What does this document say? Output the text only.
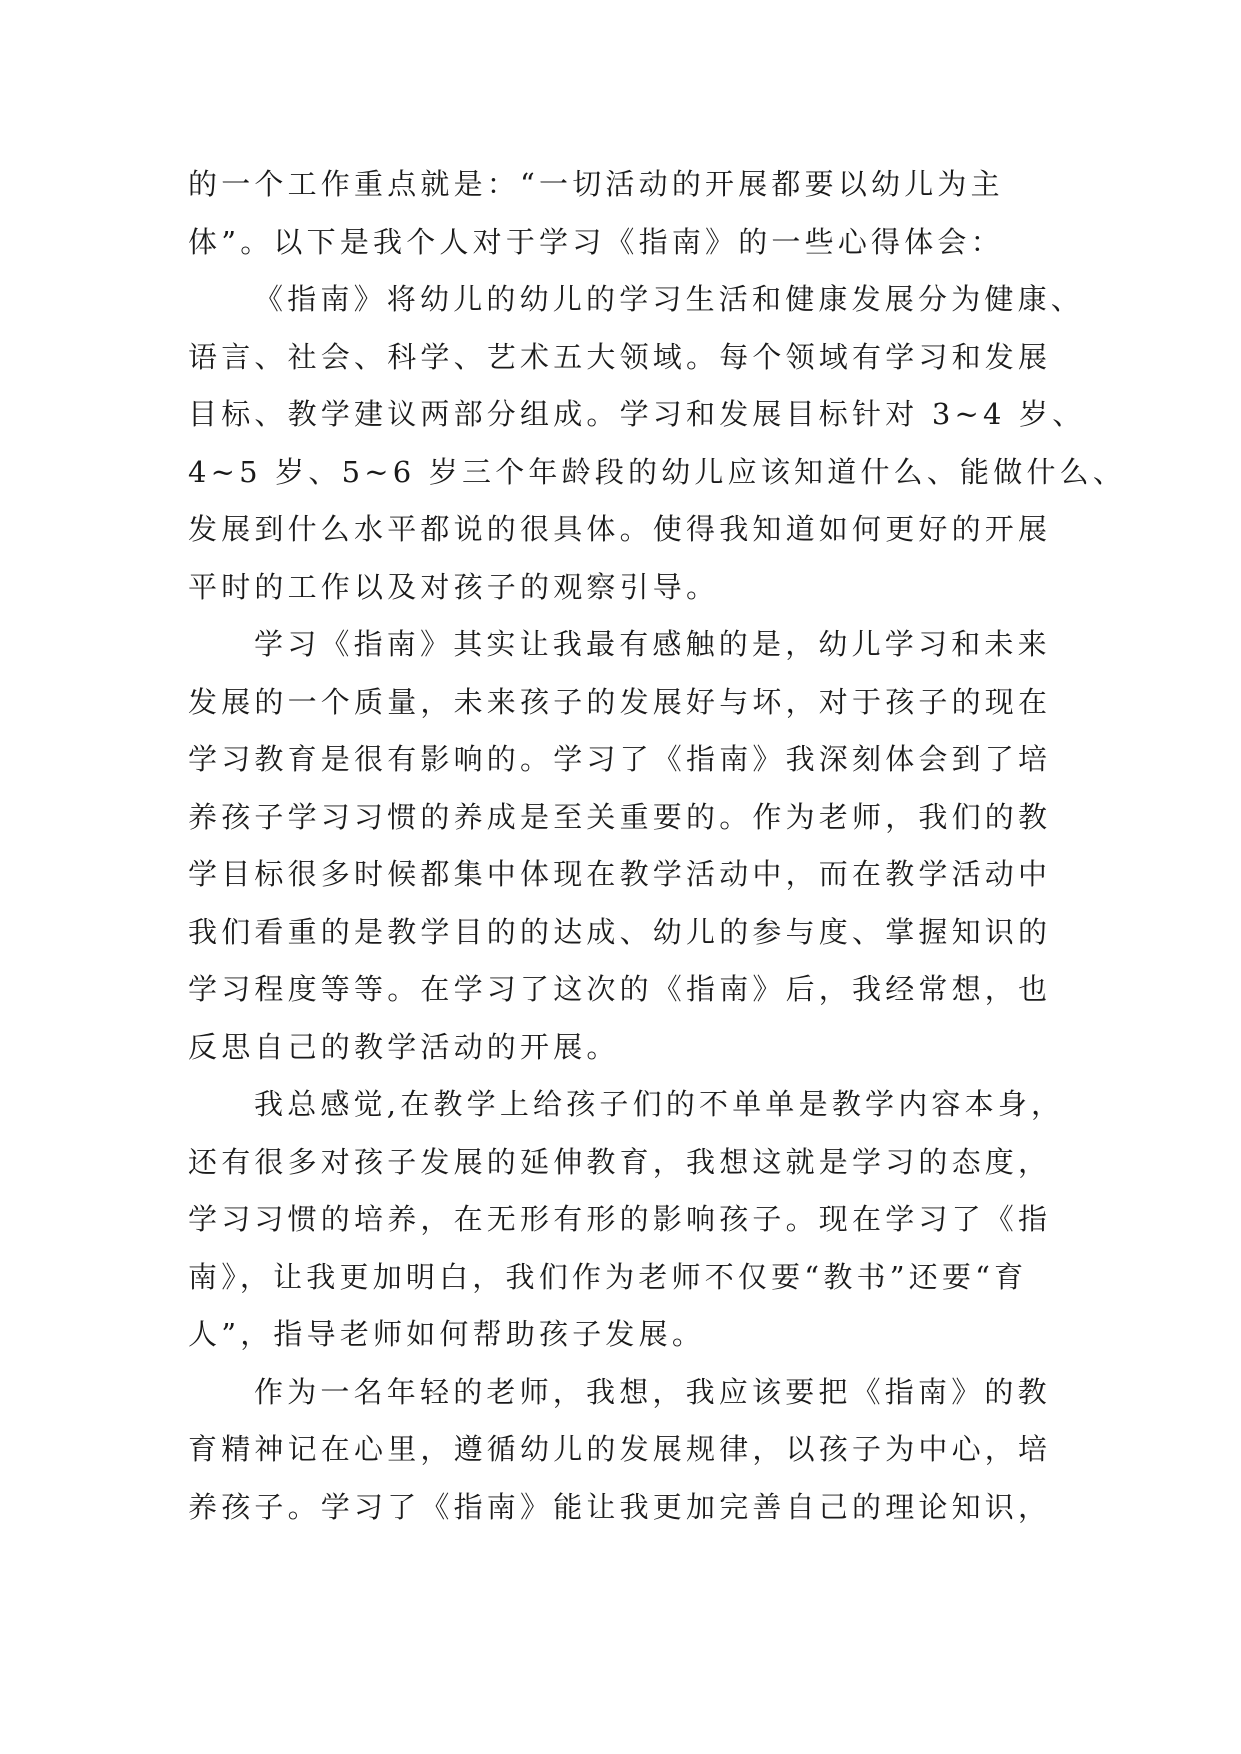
的一个工作重点就是：“一切活动的开展都要以幼儿为主
体”。以下是我个人对于学习《指南》的一些心得体会：
《指南》将幼儿的幼儿的学习生活和健康发展分为健康、
语言、社会、科学、艺术五大领域。每个领域有学习和发展
目标、教学建议两部分组成。学习和发展目标针对 3~4 岁、
4~5 岁、5~6 岁三个年龄段的幼儿应该知道什么、能做什么、
发展到什么水平都说的很具体。使得我知道如何更好的开展
平时的工作以及对孩子的观察引导。
学习《指南》其实让我最有感触的是，幼儿学习和未来
发展的一个质量，未来孩子的发展好与坏，对于孩子的现在
学习教育是很有影响的。学习了《指南》我深刻体会到了培
养孩子学习习惯的养成是至关重要的。作为老师，我们的教
学目标很多时候都集中体现在教学活动中，而在教学活动中
我们看重的是教学目的的达成、幼儿的参与度、掌握知识的
学习程度等等。在学习了这次的《指南》后，我经常想，也
反思自己的教学活动的开展。
我总感觉,在教学上给孩子们的不单单是教学内容本身，
还有很多对孩子发展的延伸教育，我想这就是学习的态度，
学习习惯的培养，在无形有形的影响孩子。现在学习了《指
南》，让我更加明白，我们作为老师不仅要“教书”还要“育
人”，指导老师如何帮助孩子发展。
作为一名年轻的老师，我想，我应该要把《指南》的教
育精神记在心里，遵循幼儿的发展规律，以孩子为中心，培
养孩子。学习了《指南》能让我更加完善自己的理论知识，
